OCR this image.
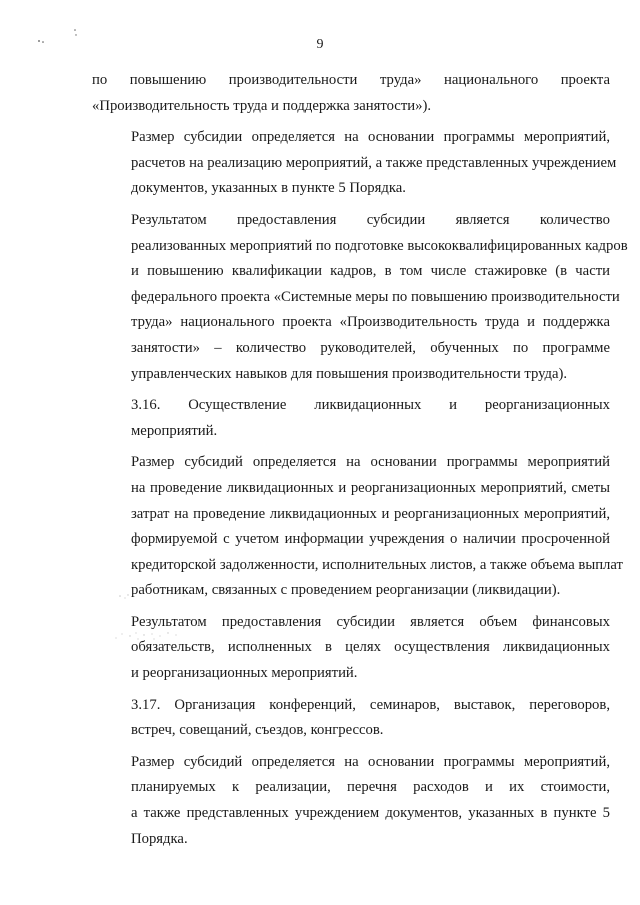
9

по повышению производительности труда» национального проекта
«Производительность труда и поддержка занятости»).

Размер субсидии определяется на основании программы мероприятий,
расчетов на реализацию мероприятий, а также представленных учреждением
документов, указанных в пункте 5 Порядка.

Результатом предоставления субсидии является количество
реализованных мероприятий по подготовке высококвалифицированных кадров
и повышению квалификации кадров, в том числе стажировке (в части
федерального проекта «Системные меры по повышению производительности
труда» национального проекта «Производительность труда и поддержка
занятости» – количество руководителей, обученных по программе
управленческих навыков для повышения производительности труда).

3.16. Осуществление ликвидационных и реорганизационных
мероприятий.

Размер субсидий определяется на основании программы мероприятий
на проведение ликвидационных и реорганизационных мероприятий, сметы
затрат на проведение ликвидационных и реорганизационных мероприятий,
формируемой с учетом информации учреждения о наличии просроченной
кредиторской задолженности, исполнительных листов, а также объема выплат
работникам, связанных с проведением реорганизации (ликвидации).

Результатом предоставления субсидии является объем финансовых
обязательств, исполненных в целях осуществления ликвидационных
и реорганизационных мероприятий.

3.17. Организация конференций, семинаров, выставок, переговоров,
встреч, совещаний, съездов, конгрессов.

Размер субсидий определяется на основании программы мероприятий,
планируемых к реализации, перечня расходов и их стоимости,
а также представленных учреждением документов, указанных в пункте 5
Порядка.
